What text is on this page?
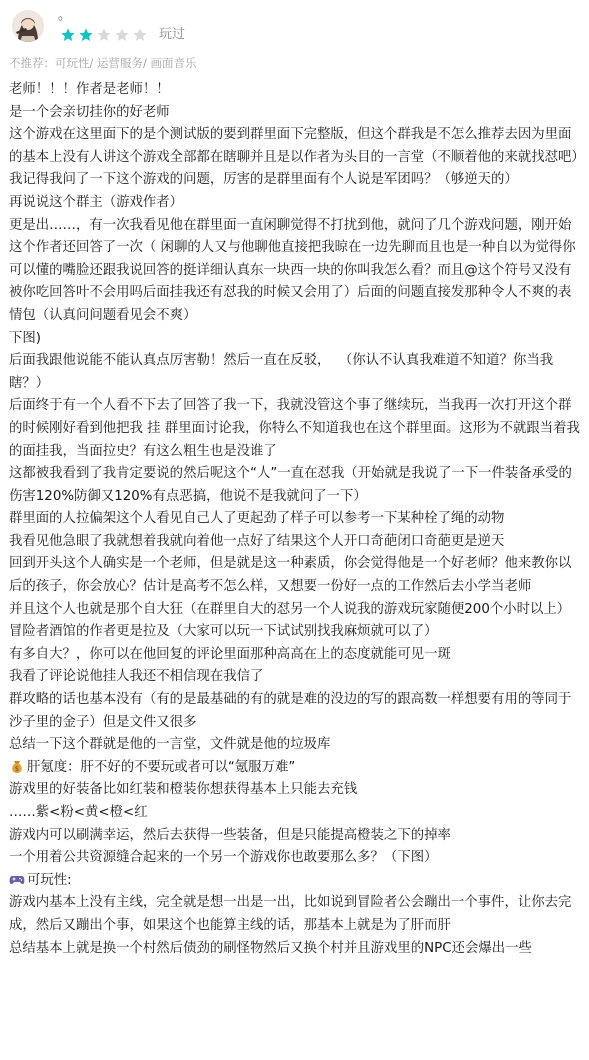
。
玩过
不推荐：可玩性/ 运营服务/ 画面音乐

老师！！！作者是老师！！

是一个会亲切挂你的好老师

这个游戏在这里面下的是个测试版的要到群里面下完整版，但这个群我是不怎么推荐去因为里面的基本上没有人讲这个游戏全部都在瞎聊并且是以作者为头目的一言堂（不顺着他的来就找怼吧）我记得我问了一下这个游戏的问题，厉害的是群里面有个人说是军团吗？（够逆天的）

再说说这个群主（游戏作者）

更是出……，有一次我看见他在群里面一直闲聊觉得不打扰到他，就问了几个游戏问题，刚开始这个作者还回答了一次（ 闲聊的人又与他聊他直接把我晾在一边先聊而且也是一种自以为觉得你可以懂的嘴脸还跟我说回答的挺详细认真东一块西一块的你叫我怎么看？而且@这个符号又没有被你吃回答叶不会用吗后面挂我还有怼我的时候又会用了）后面的问题直接发那种令人不爽的表情包（认真问问题看见会不爽）

下图)

后面我跟他说能不能认真点厉害勒！然后一直在反驳，  （你认不认真我难道不知道？你当我瞎？）

后面终于有一个人看不下去了回答了我一下，我就没管这个事了继续玩，当我再一次打开这个群的时候刚好看到他把我 挂 群里面讨论我，你特么不知道我也在这个群里面。这形为不就跟当着我的面挂我，当面拉史？有这么粗生也是没谁了

这都被我看到了我肯定要说的然后呢这个“人”一直在怼我（开始就是我说了一下一件装备承受的伤害120%防御又120%有点恶搞，他说不是我就问了一下）

群里面的人拉偏架这个人看见自己人了更起劲了样子可以参考一下某种栓了绳的动物

我看见他急眼了我就想着我就向着他一点好了结果这个人开口奇葩闭口奇葩更是逆天

回到开头这个人确实是一个老师，但是就是这一种素质，你会觉得他是一个好老师？他来教你以后的孩子，你会放心？估计是高考不怎么样，又想要一份好一点的工作然后去小学当老师

并且这个人也就是那个自大狂（在群里自大的怼另一个人说我的游戏玩家随便200个小时以上）冒险者酒馆的作者更是拉及（大家可以玩一下试试别找我麻烦就可以了）

有多自大？，你可以在他回复的评论里面那种高高在上的态度就能可见一斑

我看了评论说他挂人我还不相信现在我信了

群攻略的话也基本没有（有的是最基础的有的就是难的没边的写的跟高数一样想要有用的等同于沙子里的金子）但是文件又很多

总结一下这个群就是他的一言堂，文件就是他的垃圾库

$ 肝氪度：肝不好的不要玩或者可以“氪服万难”

游戏里的好装备比如红装和橙装你想获得基本上只能去充钱

……紫<粉<黄<橙<红

游戏内可以刷满幸运，然后去获得一些装备，但是只能提高橙装之下的掉率

一个用着公共资源缝合起来的一个另一个游戏你也敢要那么多？（下图）

可玩性:

游戏内基本上没有主线，完全就是想一出是一出，比如说到冒险者公会蹦出一个事件，让你去完成，然后又蹦出个事，如果这个也能算主线的话，那基本上就是为了肝而肝

总结基本上就是换一个村然后债劲的刷怪物然后又换个村并且游戏里的NPC还会爆出一些
